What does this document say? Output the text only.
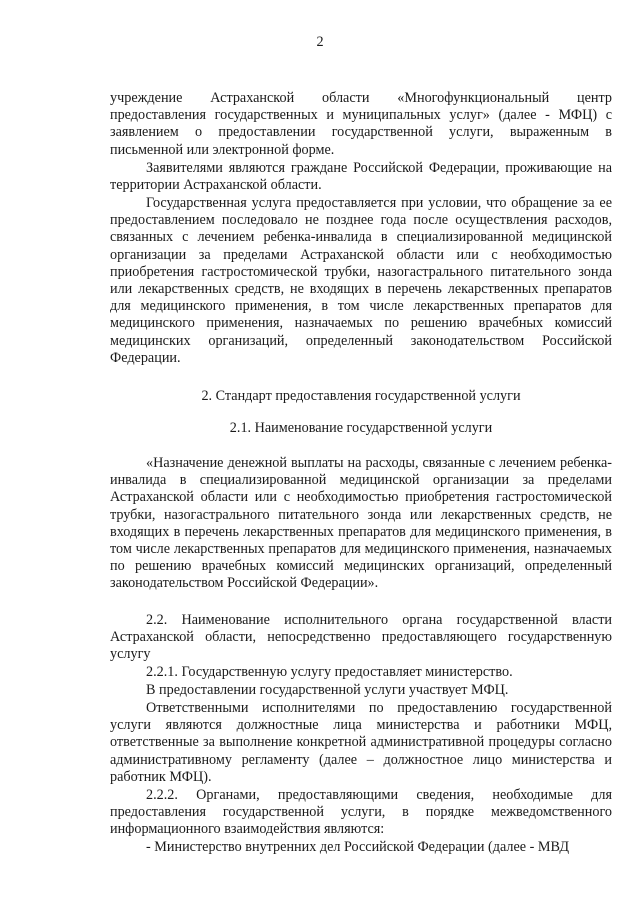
2

учреждение Астраханской области «Многофункциональный центр предоставления государственных и муниципальных услуг» (далее - МФЦ) с заявлением о предоставлении государственной услуги, выраженным в письменной или электронной форме.

Заявителями являются граждане Российской Федерации, проживающие на территории Астраханской области.

Государственная услуга предоставляется при условии, что обращение за ее предоставлением последовало не позднее года после осуществления расходов, связанных с лечением ребенка-инвалида в специализированной медицинской организации за пределами Астраханской области или с необходимостью приобретения гастростомической трубки, назогастрального питательного зонда или лекарственных средств, не входящих в перечень лекарственных препаратов для медицинского применения, в том числе лекарственных препаратов для медицинского применения, назначаемых по решению врачебных комиссий медицинских организаций, определенный законодательством Российской Федерации.

2. Стандарт предоставления государственной услуги

2.1. Наименование государственной услуги

«Назначение денежной выплаты на расходы, связанные с лечением ребенка-инвалида в специализированной медицинской организации за пределами Астраханской области или с необходимостью приобретения гастростомической трубки, назогастрального питательного зонда или лекарственных средств, не входящих в перечень лекарственных препаратов для медицинского применения, в том числе лекарственных препаратов для медицинского применения, назначаемых по решению врачебных комиссий медицинских организаций, определенный законодательством Российской Федерации».

2.2. Наименование исполнительного органа государственной власти Астраханской области, непосредственно предоставляющего государственную услугу

2.2.1. Государственную услугу предоставляет министерство.

В предоставлении государственной услуги участвует МФЦ.

Ответственными исполнителями по предоставлению государственной услуги являются должностные лица министерства и работники МФЦ, ответственные за выполнение конкретной административной процедуры согласно административному регламенту (далее – должностное лицо министерства и работник МФЦ).

2.2.2. Органами, предоставляющими сведения, необходимые для предоставления государственной услуги, в порядке межведомственного информационного взаимодействия являются:

- Министерство внутренних дел Российской Федерации (далее - МВД
